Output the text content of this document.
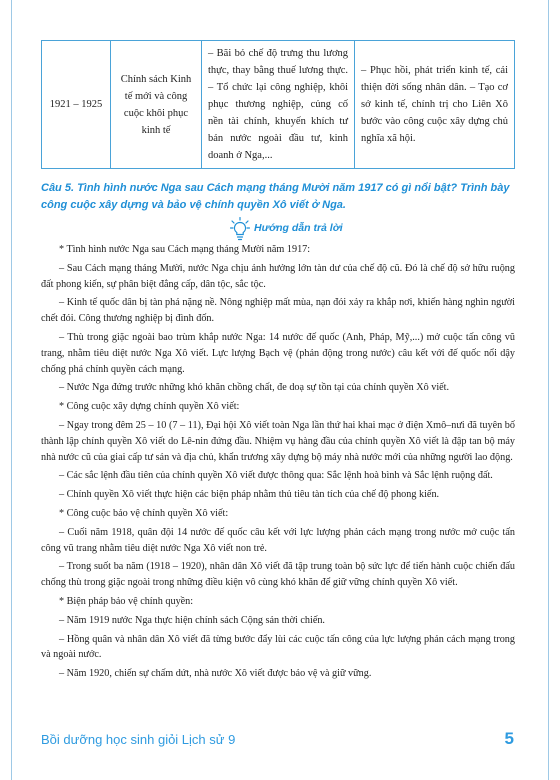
1921 – 1925	Chính sách Kinh tế mới và công cuộc khôi phục kinh tế	– Bãi bỏ chế độ trưng thu lương thực, thay bằng thuế lương thực. – Tổ chức lại công nghiệp, khôi phục thương nghiệp, củng cố nền tài chính, khuyến khích tư bản nước ngoài đầu tư, kinh doanh ở Nga,...	– Phục hồi, phát triển kinh tế, cải thiện đời sống nhân dân. – Tạo cơ sở kinh tế, chính trị cho Liên Xô bước vào công cuộc xây dựng chủ nghĩa xã hội.
Câu 5. Tình hình nước Nga sau Cách mạng tháng Mười năm 1917 có gì nổi bật? Trình bày công cuộc xây dựng và bảo vệ chính quyền Xô viết ở Nga.
Hướng dẫn trả lời

* Tình hình nước Nga sau Cách mạng tháng Mười năm 1917:

– Sau Cách mạng tháng Mười, nước Nga chịu ảnh hưởng lớn tàn dư của chế độ cũ. Đó là chế độ sở hữu ruộng đất phong kiến, sự phân biệt đẳng cấp, dân tộc, sắc tộc.

– Kinh tế quốc dân bị tàn phá nặng nề. Nông nghiệp mất mùa, nạn đói xảy ra khắp nơi, khiến hàng nghìn người chết đói. Công thương nghiệp bị đình đốn.

– Thù trong giặc ngoài bao trùm khắp nước Nga: 14 nước đế quốc (Anh, Pháp, Mỹ,...) mở cuộc tấn công vũ trang, nhằm tiêu diệt nước Nga Xô viết. Lực lượng Bạch vệ (phản động trong nước) câu kết với đế quốc nổi dậy chống phá chính quyền cách mạng.

– Nước Nga đứng trước những khó khăn chồng chất, đe doạ sự tồn tại của chính quyền Xô viết.

* Công cuộc xây dựng chính quyền Xô viết:

– Ngay trong đêm 25 – 10 (7 – 11), Đại hội Xô viết toàn Nga lần thứ hai khai mạc ở điện Xmô–nưi đã tuyên bố thành lập chính quyền Xô viết do Lê-nin đứng đầu. Nhiệm vụ hàng đầu của chính quyền Xô viết là đập tan bộ máy nhà nước cũ của giai cấp tư sản và địa chủ, khẩn trương xây dựng bộ máy nhà nước mới của những người lao động.

– Các sắc lệnh đầu tiên của chính quyền Xô viết được thông qua: Sắc lệnh hoà bình và Sắc lệnh ruộng đất.

– Chính quyền Xô viết thực hiện các biện pháp nhằm thủ tiêu tàn tích của chế độ phong kiến.

* Công cuộc bảo vệ chính quyền Xô viết:

– Cuối năm 1918, quân đội 14 nước đế quốc câu kết với lực lượng phản cách mạng trong nước mở cuộc tấn công vũ trang nhằm tiêu diệt nước Nga Xô viết non trẻ.

– Trong suốt ba năm (1918 – 1920), nhân dân Xô viết đã tập trung toàn bộ sức lực để tiến hành cuộc chiến đấu chống thù trong giặc ngoài trong những điều kiện vô cùng khó khăn để giữ vững chính quyền Xô viết.

* Biện pháp bảo vệ chính quyền:

– Năm 1919 nước Nga thực hiện chính sách Cộng sản thời chiến.

– Hồng quân và nhân dân Xô viết đã từng bước đẩy lùi các cuộc tấn công của lực lượng phản cách mạng trong và ngoài nước.

– Năm 1920, chiến sự chấm dứt, nhà nước Xô viết được bảo vệ và giữ vững.

Bồi dưỡng học sinh giỏi Lịch sử 9	5
